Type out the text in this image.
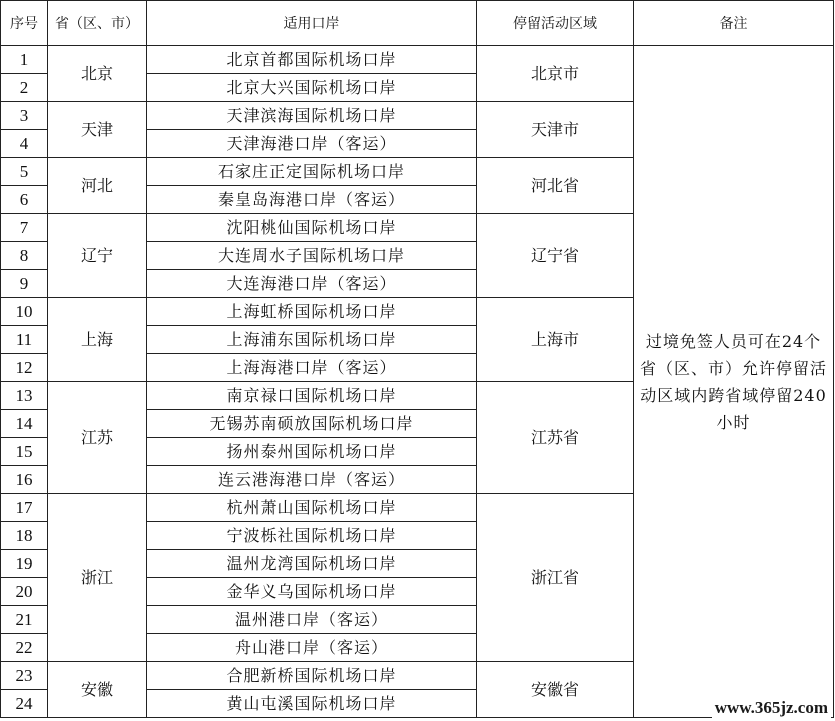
序号	省（区、市）	适用口岸	停留活动区域	备注
1	北京	北京首都国际机场口岸	北京市	过境免签人员可在24个省（区、市）允许停留活动区域内跨省域停留240小时
2		北京大兴国际机场口岸		
3	天津	天津滨海国际机场口岸	天津市	
4		天津海港口岸（客运）		
5	河北	石家庄正定国际机场口岸	河北省	
6		秦皇岛海港口岸（客运）		
7	辽宁	沈阳桃仙国际机场口岸	辽宁省	
8		大连周水子国际机场口岸		
9		大连海港口岸（客运）		
10	上海	上海虹桥国际机场口岸	上海市	
11		上海浦东国际机场口岸		
12		上海海港口岸（客运）		
13	江苏	南京禄口国际机场口岸	江苏省	
14		无锡苏南硕放国际机场口岸		
15		扬州泰州国际机场口岸		
16		连云港海港口岸（客运）		
17	浙江	杭州萧山国际机场口岸	浙江省	
18		宁波栎社国际机场口岸		
19		温州龙湾国际机场口岸		
20		金华义乌国际机场口岸		
21		温州港口岸（客运）		
22		舟山港口岸（客运）		
23	安徽	合肥新桥国际机场口岸	安徽省	
24		黄山屯溪国际机场口岸			www.365jz.com
